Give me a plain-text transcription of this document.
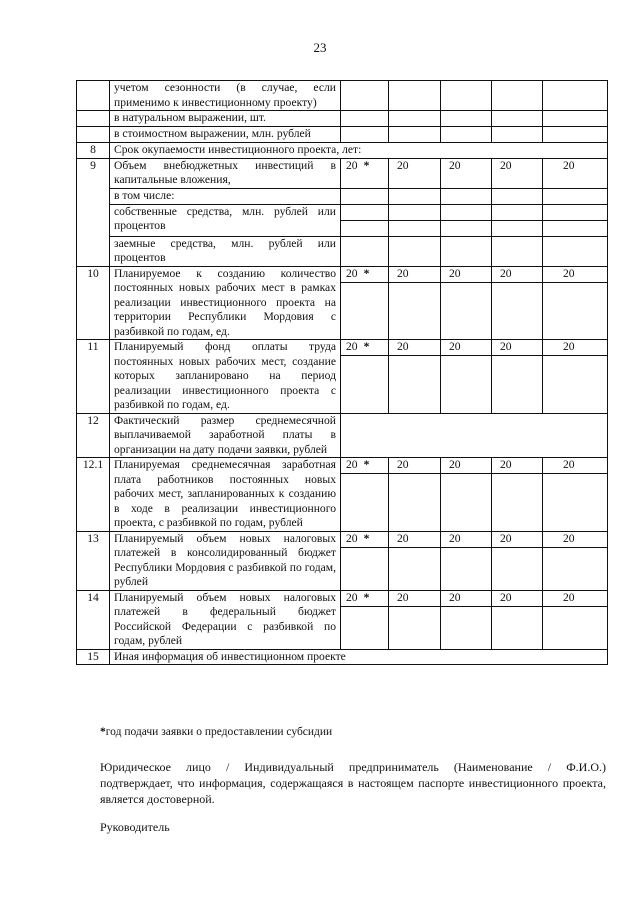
23
	учетом сезонности (в случае, если применимо к инвестиционному проекту)					
	в натуральном выражении, шт.					
	в стоимостном выражении, млн. рублей					
8	Срок окупаемости инвестиционного проекта, лет:					
9	Объем внебюджетных инвестиций в капитальные вложения,	20 *	20	20	20	20
	в том числе:					
	собственные средства, млн. рублей или процентов					

	заемные средства, млн. рублей или процентов					
10	Планируемое к созданию количество постоянных новых рабочих мест в рамках реализации инвестиционного проекта на территории Республики Мордовия с разбивкой по годам, ед.	20 *	20	20	20	20

11	Планируемый фонд оплаты труда постоянных новых рабочих мест, создание которых запланировано на период реализации инвестиционного проекта с разбивкой по годам, ед.	20 *	20	20	20	20

12	Фактический размер среднемесячной выплачиваемой заработной платы в организации на дату подачи заявки, рублей					
12.1	Планируемая среднемесячная заработная плата работников постоянных новых рабочих мест, запланированных к созданию в ходе в реализации инвестиционного проекта, с разбивкой по годам, рублей	20 *	20	20	20	20

13	Планируемый объем новых налоговых платежей в консолидированный бюджет Республики Мордовия с разбивкой по годам, рублей	20 *	20	20	20	20

14	Планируемый объем новых налоговых платежей в федеральный бюджет Российской Федерации с разбивкой по годам, рублей	20 *	20	20	20	20

15	Иная информация об инвестиционном проекте					
*год подачи заявки о предоставлении субсидии
Юридическое лицо / Индивидуальный предприниматель (Наименование / Ф.И.О.)
подтверждает, что информация, содержащаяся в настоящем паспорте инвестиционного проекта, является достоверной.
Руководитель
